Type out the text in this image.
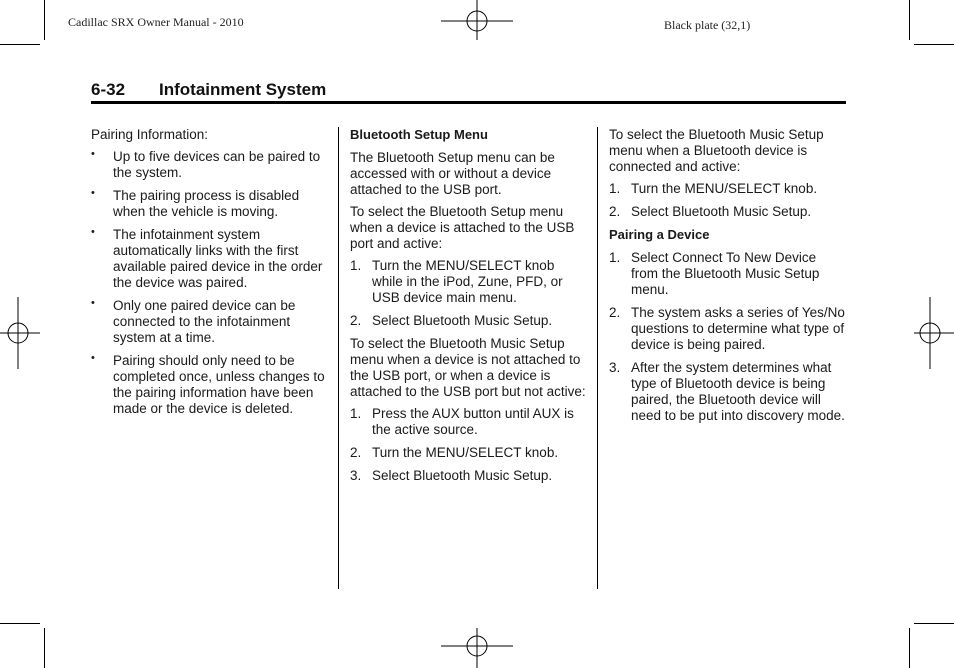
Cadillac SRX Owner Manual - 2010	Black plate (32,1)
6-32 Infotainment System

Pairing Information:

• Up to five devices can be paired to the system.
• The pairing process is disabled when the vehicle is moving.
• The infotainment system automatically links with the first available paired device in the order the device was paired.
• Only one paired device can be connected to the infotainment system at a time.
• Pairing should only need to be completed once, unless changes to the pairing information have been made or the device is deleted.

Bluetooth Setup Menu

The Bluetooth Setup menu can be accessed with or without a device attached to the USB port.

To select the Bluetooth Setup menu when a device is attached to the USB port and active:

1. Turn the MENU/SELECT knob while in the iPod, Zune, PFD, or USB device main menu.
2. Select Bluetooth Music Setup.

To select the Bluetooth Music Setup menu when a device is not attached to the USB port, or when a device is attached to the USB port but not active:

1. Press the AUX button until AUX is the active source.
2. Turn the MENU/SELECT knob.
3. Select Bluetooth Music Setup.

To select the Bluetooth Music Setup menu when a Bluetooth device is connected and active:

1. Turn the MENU/SELECT knob.
2. Select Bluetooth Music Setup.

Pairing a Device

1. Select Connect To New Device from the Bluetooth Music Setup menu.
2. The system asks a series of Yes/No questions to determine what type of device is being paired.
3. After the system determines what type of Bluetooth device is being paired, the Bluetooth device will need to be put into discovery mode.
